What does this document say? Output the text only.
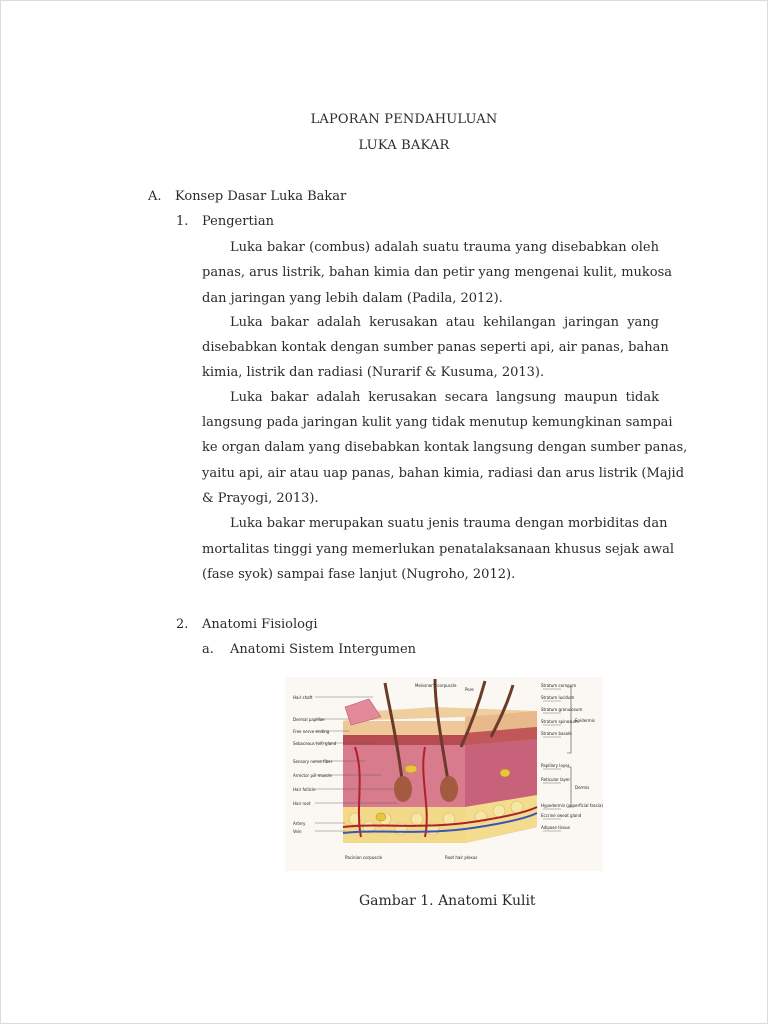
LAPORAN PENDAHULUAN
LUKA BAKAR
A. Konsep Dasar Luka Bakar
1. Pengertian
Luka bakar (combus) adalah suatu trauma yang disebabkan oleh
panas, arus listrik, bahan kimia dan petir yang mengenai kulit, mukosa
dan jaringan yang lebih dalam (Padila, 2012).
Luka bakar adalah kerusakan atau kehilangan jaringan yang
disebabkan kontak dengan sumber panas seperti api, air panas, bahan
kimia, listrik dan radiasi (Nurarif & Kusuma, 2013).
Luka bakar adalah kerusakan secara langsung maupun tidak
langsung pada jaringan kulit yang tidak menutup kemungkinan sampai
ke organ dalam yang disebabkan kontak langsung dengan sumber panas,
yaitu api, air atau uap panas, bahan kimia, radiasi dan arus listrik (Majid
& Prayogi, 2013).
Luka bakar merupakan suatu jenis trauma dengan morbiditas dan
mortalitas tinggi yang memerlukan penatalaksanaan khusus sejak awal
(fase syok) sampai fase lanjut (Nugroho, 2012).
2. Anatomi Fisiologi
a. Anatomi Sistem Intergumen
Hair shaft
Dermal papillae
Free nerve ending
Sebaceous (oil) gland
Sensory nerve fiber
Arrector pili muscle
Hair follicle
Hair root
Artery
Vein
Meissner's corpuscle
Pore
Stratum corneum
Stratum lucidum
Stratum granulosum
Stratum spinosum
Stratum basale
Papillary layer
Reticular layer
Hypodermis (superficial fascia)
Eccrine sweat gland
Adipose tissue
Pacinian corpuscle	Root hair plexus
Epidermis
Dermis
Gambar 1. Anatomi Kulit
